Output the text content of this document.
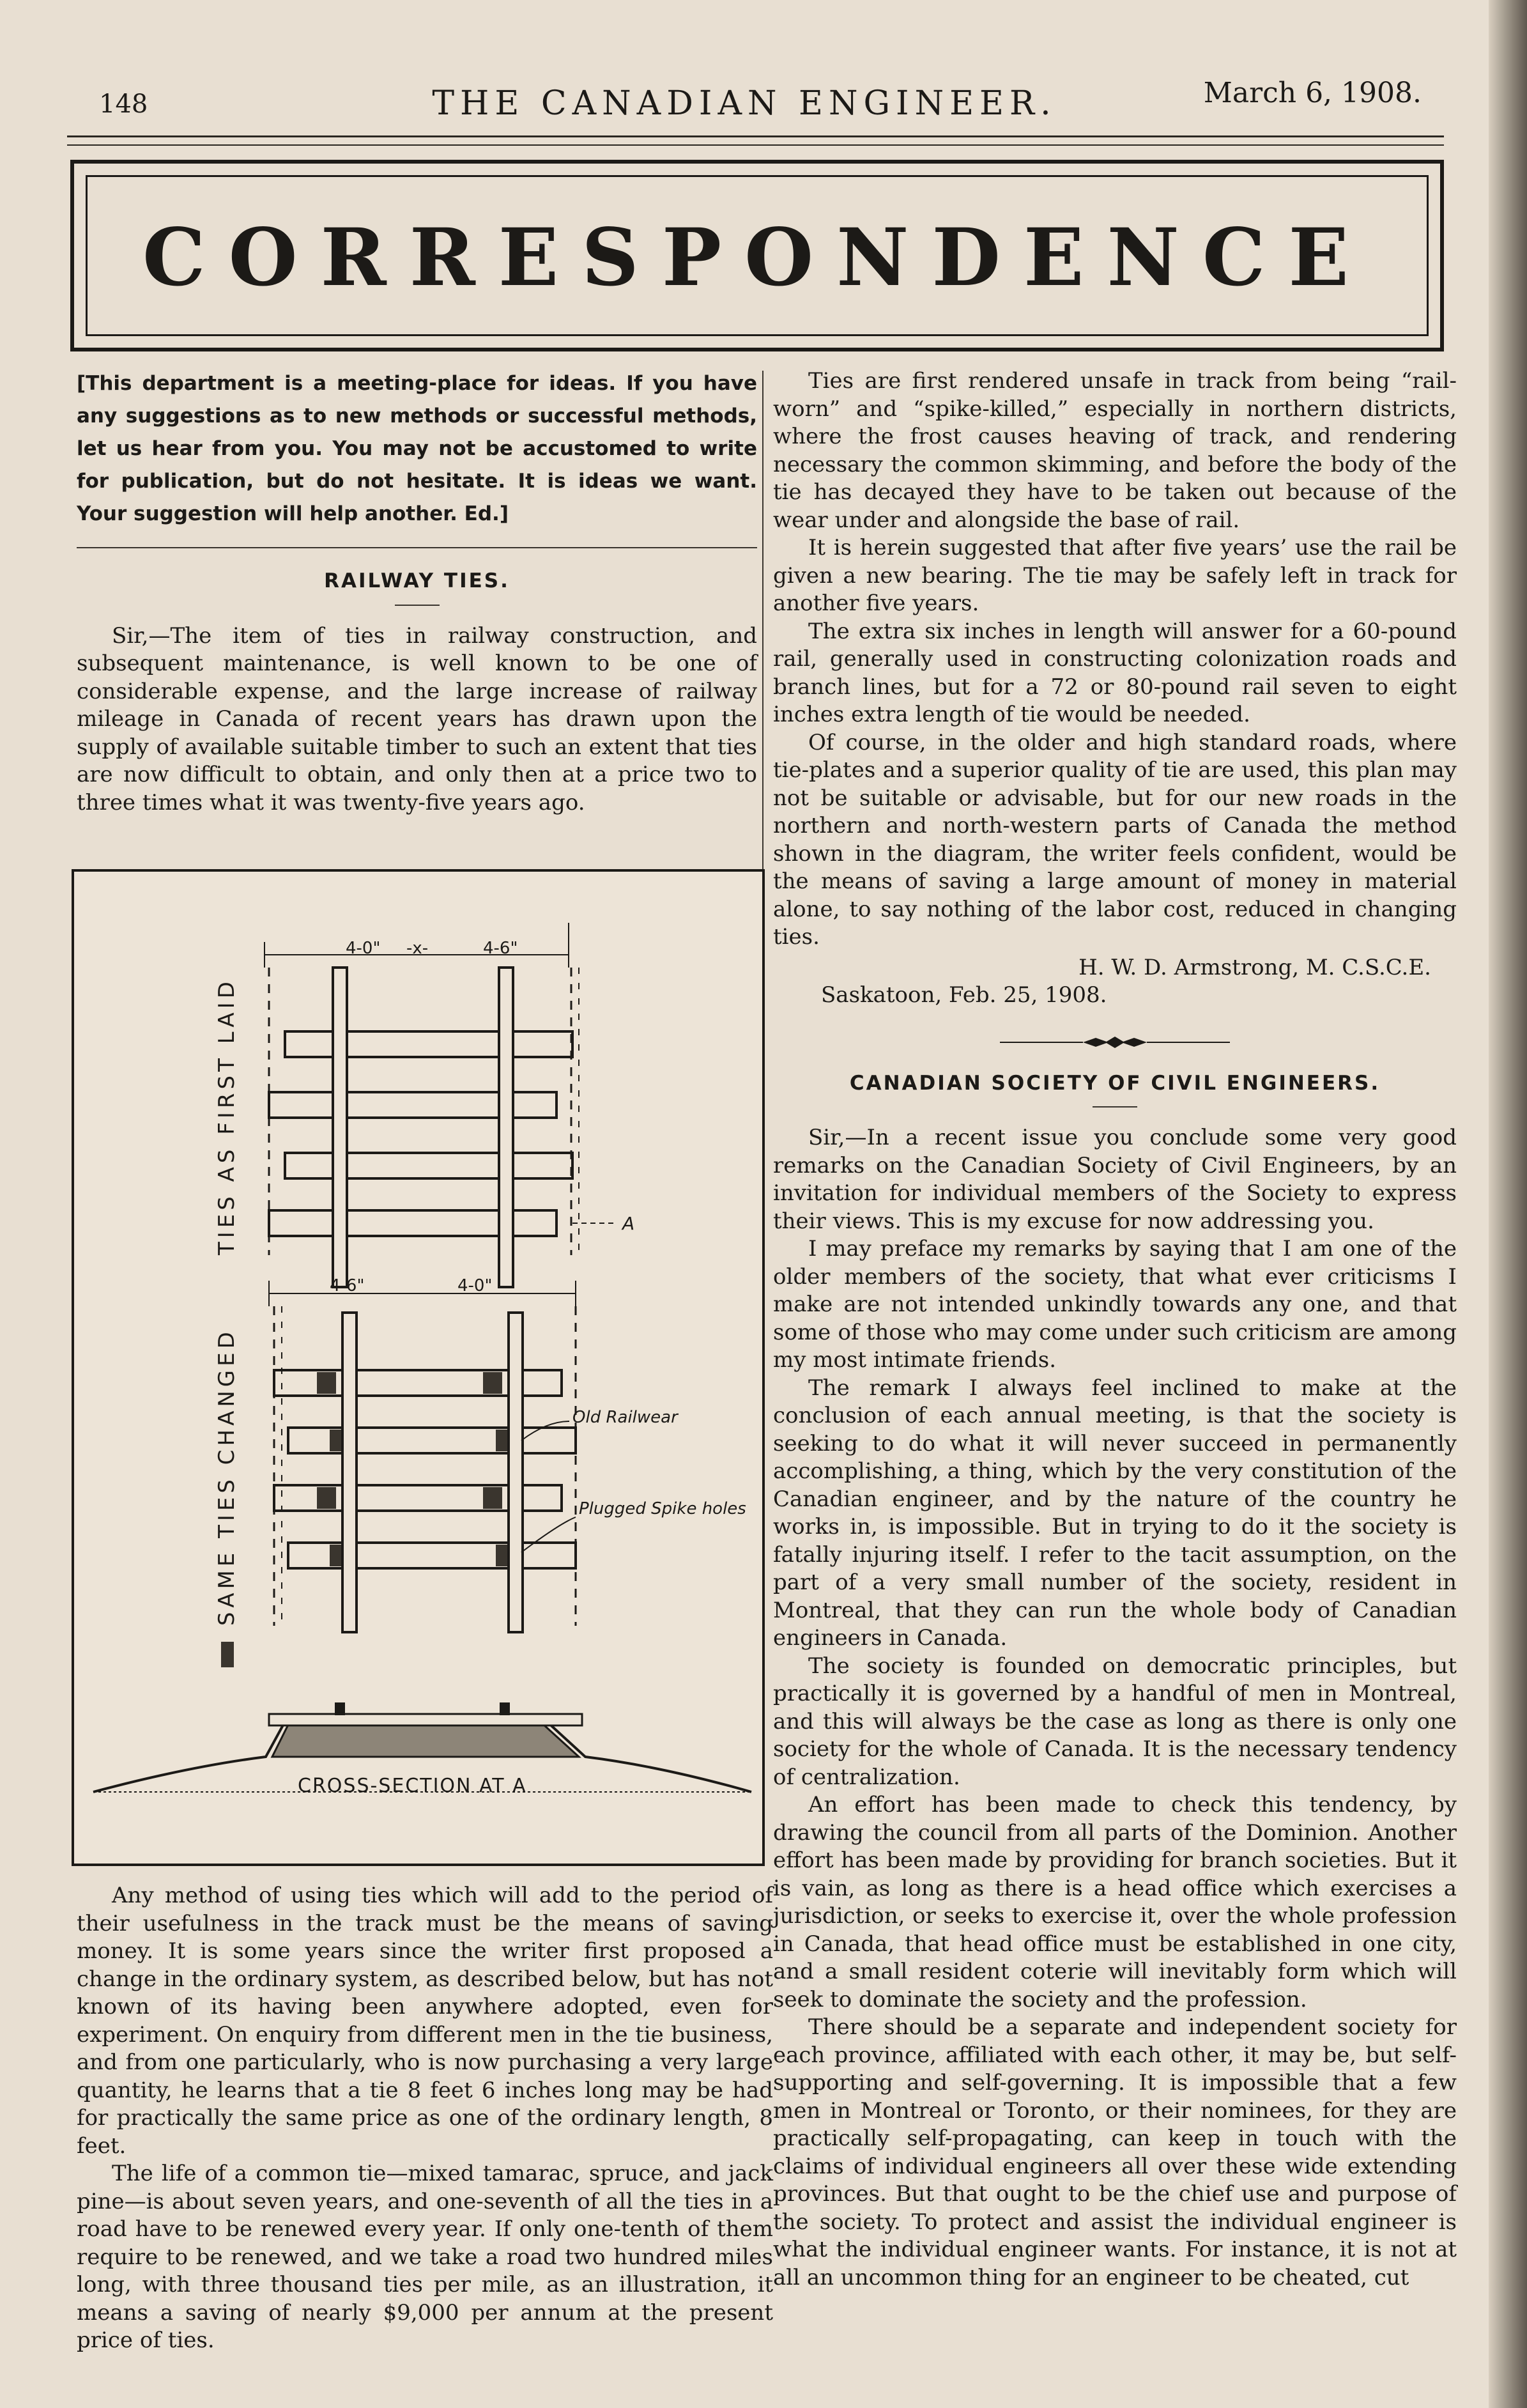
148	THE CANADIAN ENGINEER.	March 6, 1908.
CORRESPONDENCE

[This department is a meeting-place for ideas. If you have any suggestions as to new methods or successful methods, let us hear from you. You may not be accustomed to write for publication, but do not hesitate. It is ideas we want. Your suggestion will help another. Ed.]

RAILWAY TIES.

Sir,—The item of ties in railway construction, and subsequent maintenance, is well known to be one of considerable expense, and the large increase of railway mileage in Canada of recent years has drawn upon the supply of available suitable timber to such an extent that ties are now difficult to obtain, and only then at a price two to three times what it was twenty-five years ago.

4-0" -x-	4-6"
A
4-6"	4-0"
Old Railwear
Plugged Spike holes
TIES AS FIRST LAID
SAME TIES CHANGED
CROSS-SECTION AT A

Any method of using ties which will add to the period of their usefulness in the track must be the means of saving money. It is some years since the writer first proposed a change in the ordinary system, as described below, but has not known of its having been anywhere adopted, even for experiment. On enquiry from different men in the tie business, and from one particularly, who is now purchasing a very large quantity, he learns that a tie 8 feet 6 inches long may be had for practically the same price as one of the ordinary length, 8 feet.

The life of a common tie—mixed tamarac, spruce, and jack pine—is about seven years, and one-seventh of all the ties in a road have to be renewed every year. If only one-tenth of them require to be renewed, and we take a road two hundred miles long, with three thousand ties per mile, as an illustration, it means a saving of nearly $9,000 per annum at the present price of ties.

Ties are first rendered unsafe in track from being “rail-worn” and “spike-killed,” especially in northern districts, where the frost causes heaving of track, and rendering necessary the common skimming, and before the body of the tie has decayed they have to be taken out because of the wear under and alongside the base of rail.

It is herein suggested that after five years’ use the rail be given a new bearing. The tie may be safely left in track for another five years.

The extra six inches in length will answer for a 60-pound rail, generally used in constructing colonization roads and branch lines, but for a 72 or 80-pound rail seven to eight inches extra length of tie would be needed.

Of course, in the older and high standard roads, where tie-plates and a superior quality of tie are used, this plan may not be suitable or advisable, but for our new roads in the northern and north-western parts of Canada the method shown in the diagram, the writer feels confident, would be the means of saving a large amount of money in material alone, to say nothing of the labor cost, reduced in changing ties.

H. W. D. Armstrong, M. C.S.C.E.
Saskatoon, Feb. 25, 1908.
CANADIAN SOCIETY OF CIVIL ENGINEERS.

Sir,—In a recent issue you conclude some very good remarks on the Canadian Society of Civil Engineers, by an invitation for individual members of the Society to express their views. This is my excuse for now addressing you.

I may preface my remarks by saying that I am one of the older members of the society, that what ever criticisms I make are not intended unkindly towards any one, and that some of those who may come under such criticism are among my most intimate friends.

The remark I always feel inclined to make at the conclusion of each annual meeting, is that the society is seeking to do what it will never succeed in permanently accomplishing, a thing, which by the very constitution of the Canadian engineer, and by the nature of the country he works in, is impossible. But in trying to do it the society is fatally injuring itself. I refer to the tacit assumption, on the part of a very small number of the society, resident in Montreal, that they can run the whole body of Canadian engineers in Canada.

The society is founded on democratic principles, but practically it is governed by a handful of men in Montreal, and this will always be the case as long as there is only one society for the whole of Canada. It is the necessary tendency of centralization.

An effort has been made to check this tendency, by drawing the council from all parts of the Dominion. Another effort has been made by providing for branch societies. But it is vain, as long as there is a head office which exercises a jurisdiction, or seeks to exercise it, over the whole profession in Canada, that head office must be established in one city, and a small resident coterie will inevitably form which will seek to dominate the society and the profession.

There should be a separate and independent society for each province, affiliated with each other, it may be, but self-supporting and self-governing. It is impossible that a few men in Montreal or Toronto, or their nominees, for they are practically self-propagating, can keep in touch with the claims of individual engineers all over these wide extending provinces. But that ought to be the chief use and purpose of the society. To protect and assist the individual engineer is what the individual engineer wants. For instance, it is not at all an uncommon thing for an engineer to be cheated, cut
